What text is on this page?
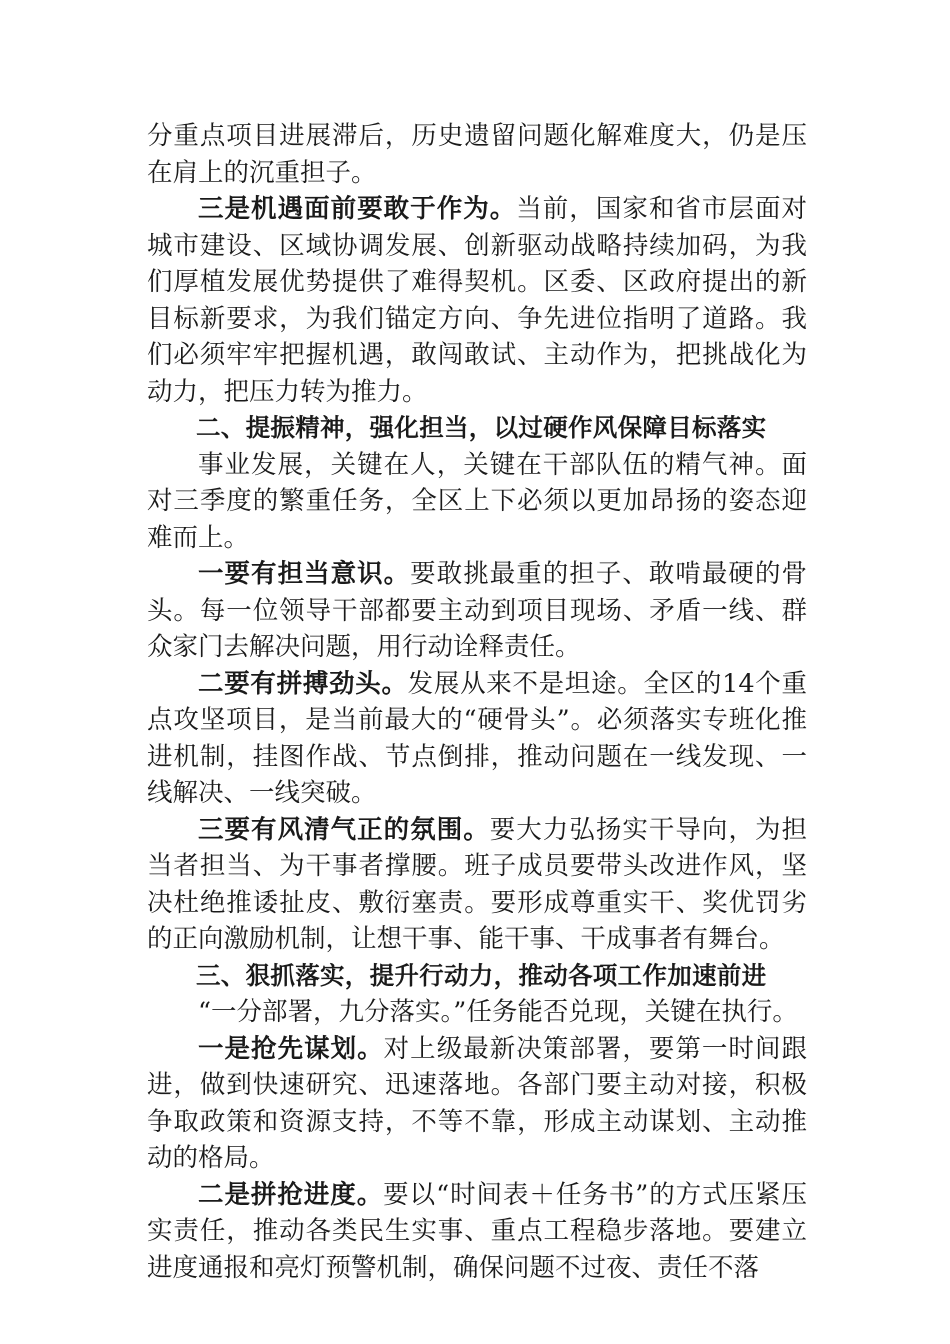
分重点项目进展滞后，历史遗留问题化解难度大，仍是压在肩上的沉重担子。

三是机遇面前要敢于作为。当前，国家和省市层面对城市建设、区域协调发展、创新驱动战略持续加码，为我们厚植发展优势提供了难得契机。区委、区政府提出的新目标新要求，为我们锚定方向、争先进位指明了道路。我们必须牢牢把握机遇，敢闯敢试、主动作为，把挑战化为动力，把压力转为推力。

二、提振精神，强化担当，以过硬作风保障目标落实

事业发展，关键在人，关键在干部队伍的精气神。面对三季度的繁重任务，全区上下必须以更加昂扬的姿态迎难而上。

一要有担当意识。要敢挑最重的担子、敢啃最硬的骨头。每一位领导干部都要主动到项目现场、矛盾一线、群众家门去解决问题，用行动诠释责任。

二要有拼搏劲头。发展从来不是坦途。全区的14个重点攻坚项目，是当前最大的“硬骨头”。必须落实专班化推进机制，挂图作战、节点倒排，推动问题在一线发现、一线解决、一线突破。

三要有风清气正的氛围。要大力弘扬实干导向，为担当者担当、为干事者撑腰。班子成员要带头改进作风，坚决杜绝推诿扯皮、敷衍塞责。要形成尊重实干、奖优罚劣的正向激励机制，让想干事、能干事、干成事者有舞台。

三、狠抓落实，提升行动力，推动各项工作加速前进

“一分部署，九分落实。”任务能否兑现，关键在执行。

一是抢先谋划。对上级最新决策部署，要第一时间跟进，做到快速研究、迅速落地。各部门要主动对接，积极争取政策和资源支持，不等不靠，形成主动谋划、主动推动的格局。

二是拼抢进度。要以“时间表＋任务书”的方式压紧压实责任，推动各类民生实事、重点工程稳步落地。要建立进度通报和亮灯预警机制，确保问题不过夜、责任不落
